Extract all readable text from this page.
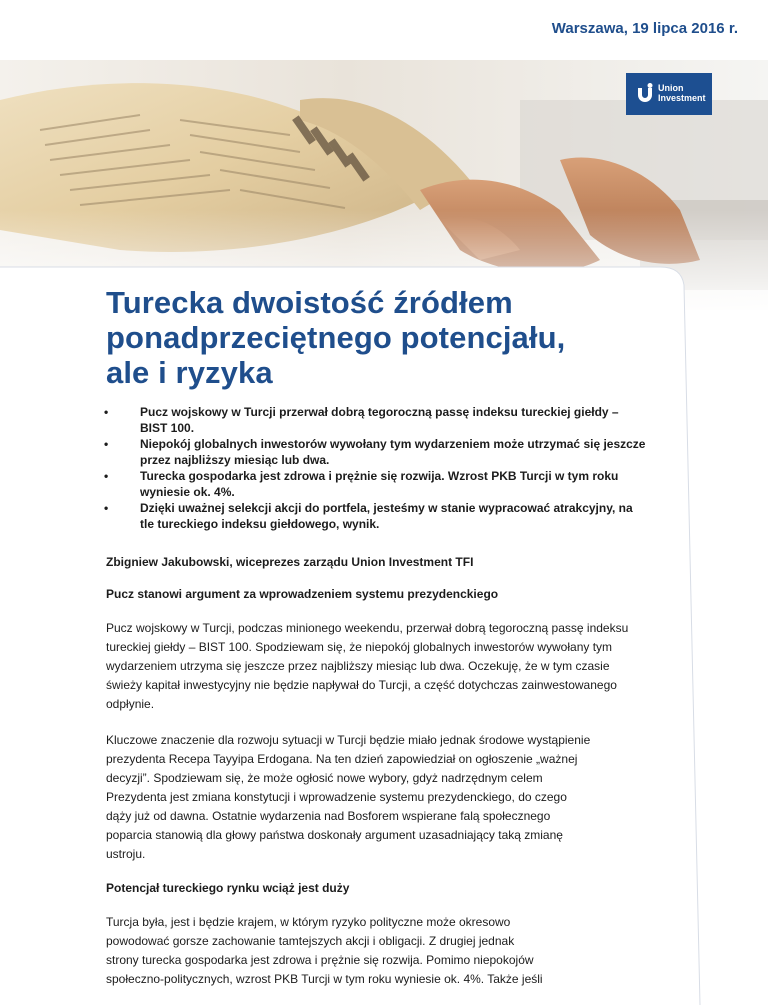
Warszawa, 19 lipca 2016 r.
Union
Investment
Turecka dwoistość źródłem
ponadprzeciętnego potencjału,
ale i ryzyka
•	Pucz wojskowy w Turcji przerwał dobrą tegoroczną passę indeksu tureckiej giełdy – BIST 100.
•	Niepokój globalnych inwestorów wywołany tym wydarzeniem może utrzymać się jeszcze przez najbliższy miesiąc lub dwa.
•	Turecka gospodarka jest zdrowa i prężnie się rozwija. Wzrost PKB Turcji w tym roku wyniesie ok. 4%.
•	Dzięki uważnej selekcji akcji do portfela, jesteśmy w stanie wypracować atrakcyjny, na tle tureckiego indeksu giełdowego, wynik.

Zbigniew Jakubowski, wiceprezes zarządu Union Investment TFI

Pucz stanowi argument za wprowadzeniem systemu prezydenckiego

Pucz wojskowy w Turcji, podczas minionego weekendu, przerwał dobrą tegoroczną passę indeksu
tureckiej giełdy – BIST 100. Spodziewam się, że niepokój globalnych inwestorów wywołany tym
wydarzeniem utrzyma się jeszcze przez najbliższy miesiąc lub dwa. Oczekuję, że w tym czasie
świeży kapitał inwestycyjny nie będzie napływał do Turcji, a część dotychczas zainwestowanego
odpłynie.

Kluczowe znaczenie dla rozwoju sytuacji w Turcji będzie miało jednak środowe wystąpienie
prezydenta Recepa Tayyipa Erdogana. Na ten dzień zapowiedział on ogłoszenie „ważnej
decyzji”. Spodziewam się, że może ogłosić nowe wybory, gdyż nadrzędnym celem
Prezydenta jest zmiana konstytucji i wprowadzenie systemu prezydenckiego, do czego
dąży już od dawna. Ostatnie wydarzenia nad Bosforem wspierane falą społecznego
poparcia stanowią dla głowy państwa doskonały argument uzasadniający taką zmianę
ustroju.

Potencjał tureckiego rynku wciąż jest duży

Turcja była, jest i będzie krajem, w którym ryzyko polityczne może okresowo
powodować gorsze zachowanie tamtejszych akcji i obligacji. Z drugiej jednak
strony turecka gospodarka jest zdrowa i prężnie się rozwija. Pomimo niepokojów
społeczno-politycznych, wzrost PKB Turcji w tym roku wyniesie ok. 4%. Także jeśli
